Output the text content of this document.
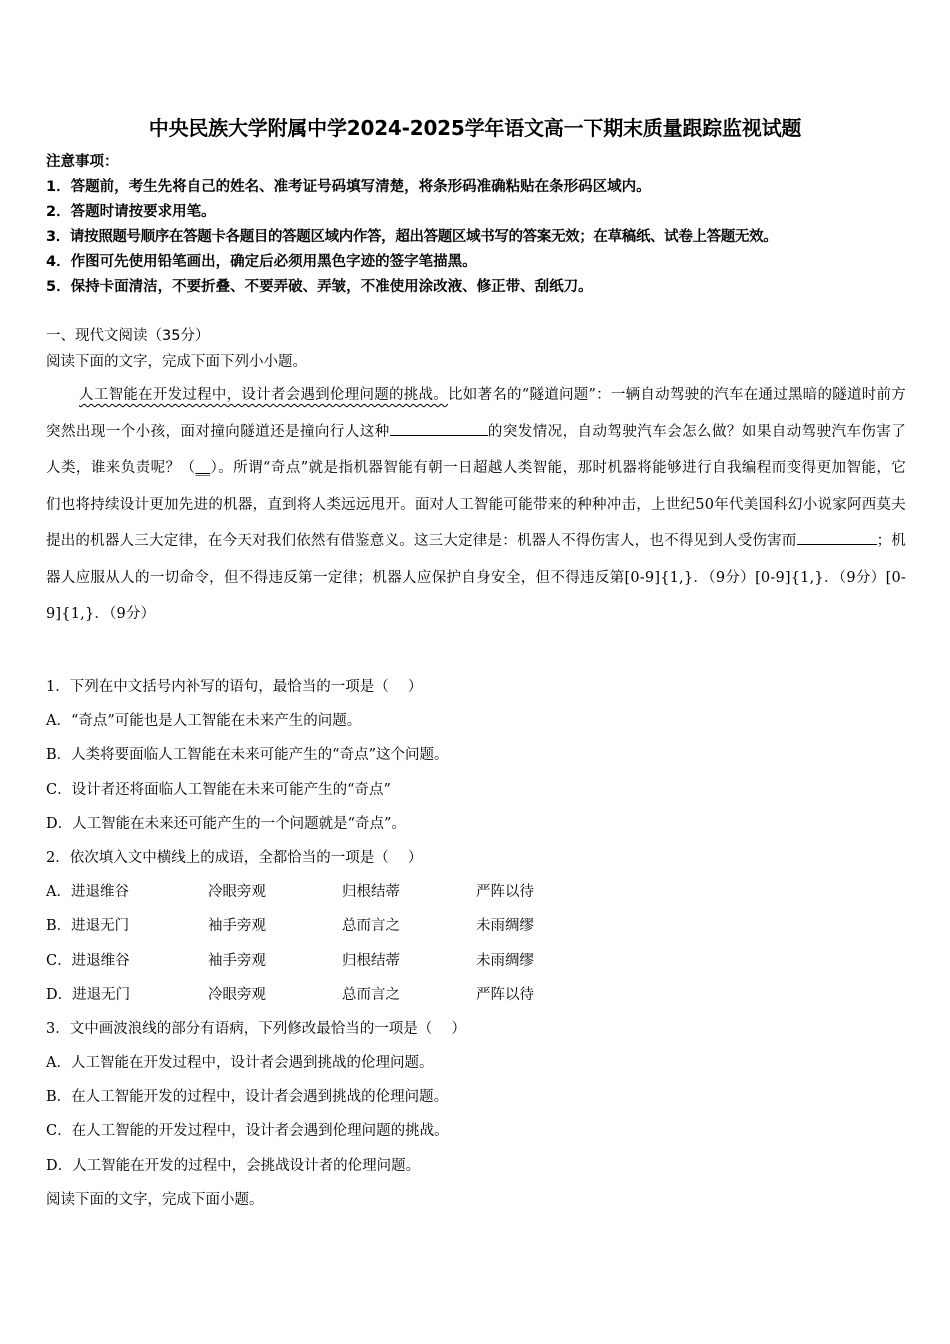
中央民族大学附属中学2024-2025学年语文高一下期末质量跟踪监视试题
注意事项：
1．答题前，考生先将自己的姓名、准考证号码填写清楚，将条形码准确粘贴在条形码区域内。
2．答题时请按要求用笔。
3．请按照题号顺序在答题卡各题目的答题区域内作答，超出答题区域书写的答案无效；在草稿纸、试卷上答题无效。
4．作图可先使用铅笔画出，确定后必须用黑色字迹的签字笔描黑。
5．保持卡面清洁，不要折叠、不要弄破、弄皱，不准使用涂改液、修正带、刮纸刀。
一、现代文阅读（35分）
阅读下面的文字，完成下面下列小小题。
人工智能在开发过程中，设计者会遇到伦理问题的挑战。比如著名的“隧道问题”：一辆自动驾驶的汽车在通过黑暗的隧道时前方突然出现一个小孩，面对撞向隧道还是撞向行人这种	的突发情况，自动驾驶汽车会怎么做？如果自动驾驶汽车伤害了人类，谁来负责呢？（__）。所谓“奇点”就是指机器智能有朝一日超越人类智能，那时机器将能够进行自我编程而变得更加智能，它们也将持续设计更加先进的机器，直到将人类远远甩开。面对人工智能可能带来的种种冲击，上世纪50年代美国科幻小说家阿西莫夫提出的机器人三大定律，在今天对我们依然有借鉴意义。这三大定律是：机器人不得伤害人，也不得见到人受伤害而	；机器人应服从人的一切命令，但不得违反第一定律；机器人应保护自身安全，但不得违反第[0-9]{1,}．（9分）[0-9]{1,}．（9分）[0-9]{1,}．（9分）
1．下列在中文括号内补写的语句，最恰当的一项是（　 ）
A．“奇点”可能也是人工智能在未来产生的问题。
B．人类将要面临人工智能在未来可能产生的“奇点”这个问题。
C．设计者还将面临人工智能在未来可能产生的“奇点”
D．人工智能在未来还可能产生的一个问题就是“奇点”。
2．依次填入文中横线上的成语，全都恰当的一项是（　 ）
A．进退维谷	冷眼旁观	归根结蒂	严阵以待
B．进退无门	袖手旁观	总而言之	未雨绸缪
C．进退维谷	袖手旁观	归根结蒂	未雨绸缪
D．进退无门	冷眼旁观	总而言之	严阵以待
3．文中画波浪线的部分有语病，下列修改最恰当的一项是（　 ）
A．人工智能在开发过程中，设计者会遇到挑战的伦理问题。
B．在人工智能开发的过程中，设计者会遇到挑战的伦理问题。
C．在人工智能的开发过程中，设计者会遇到伦理问题的挑战。
D．人工智能在开发的过程中，会挑战设计者的伦理问题。
阅读下面的文字，完成下面小题。
